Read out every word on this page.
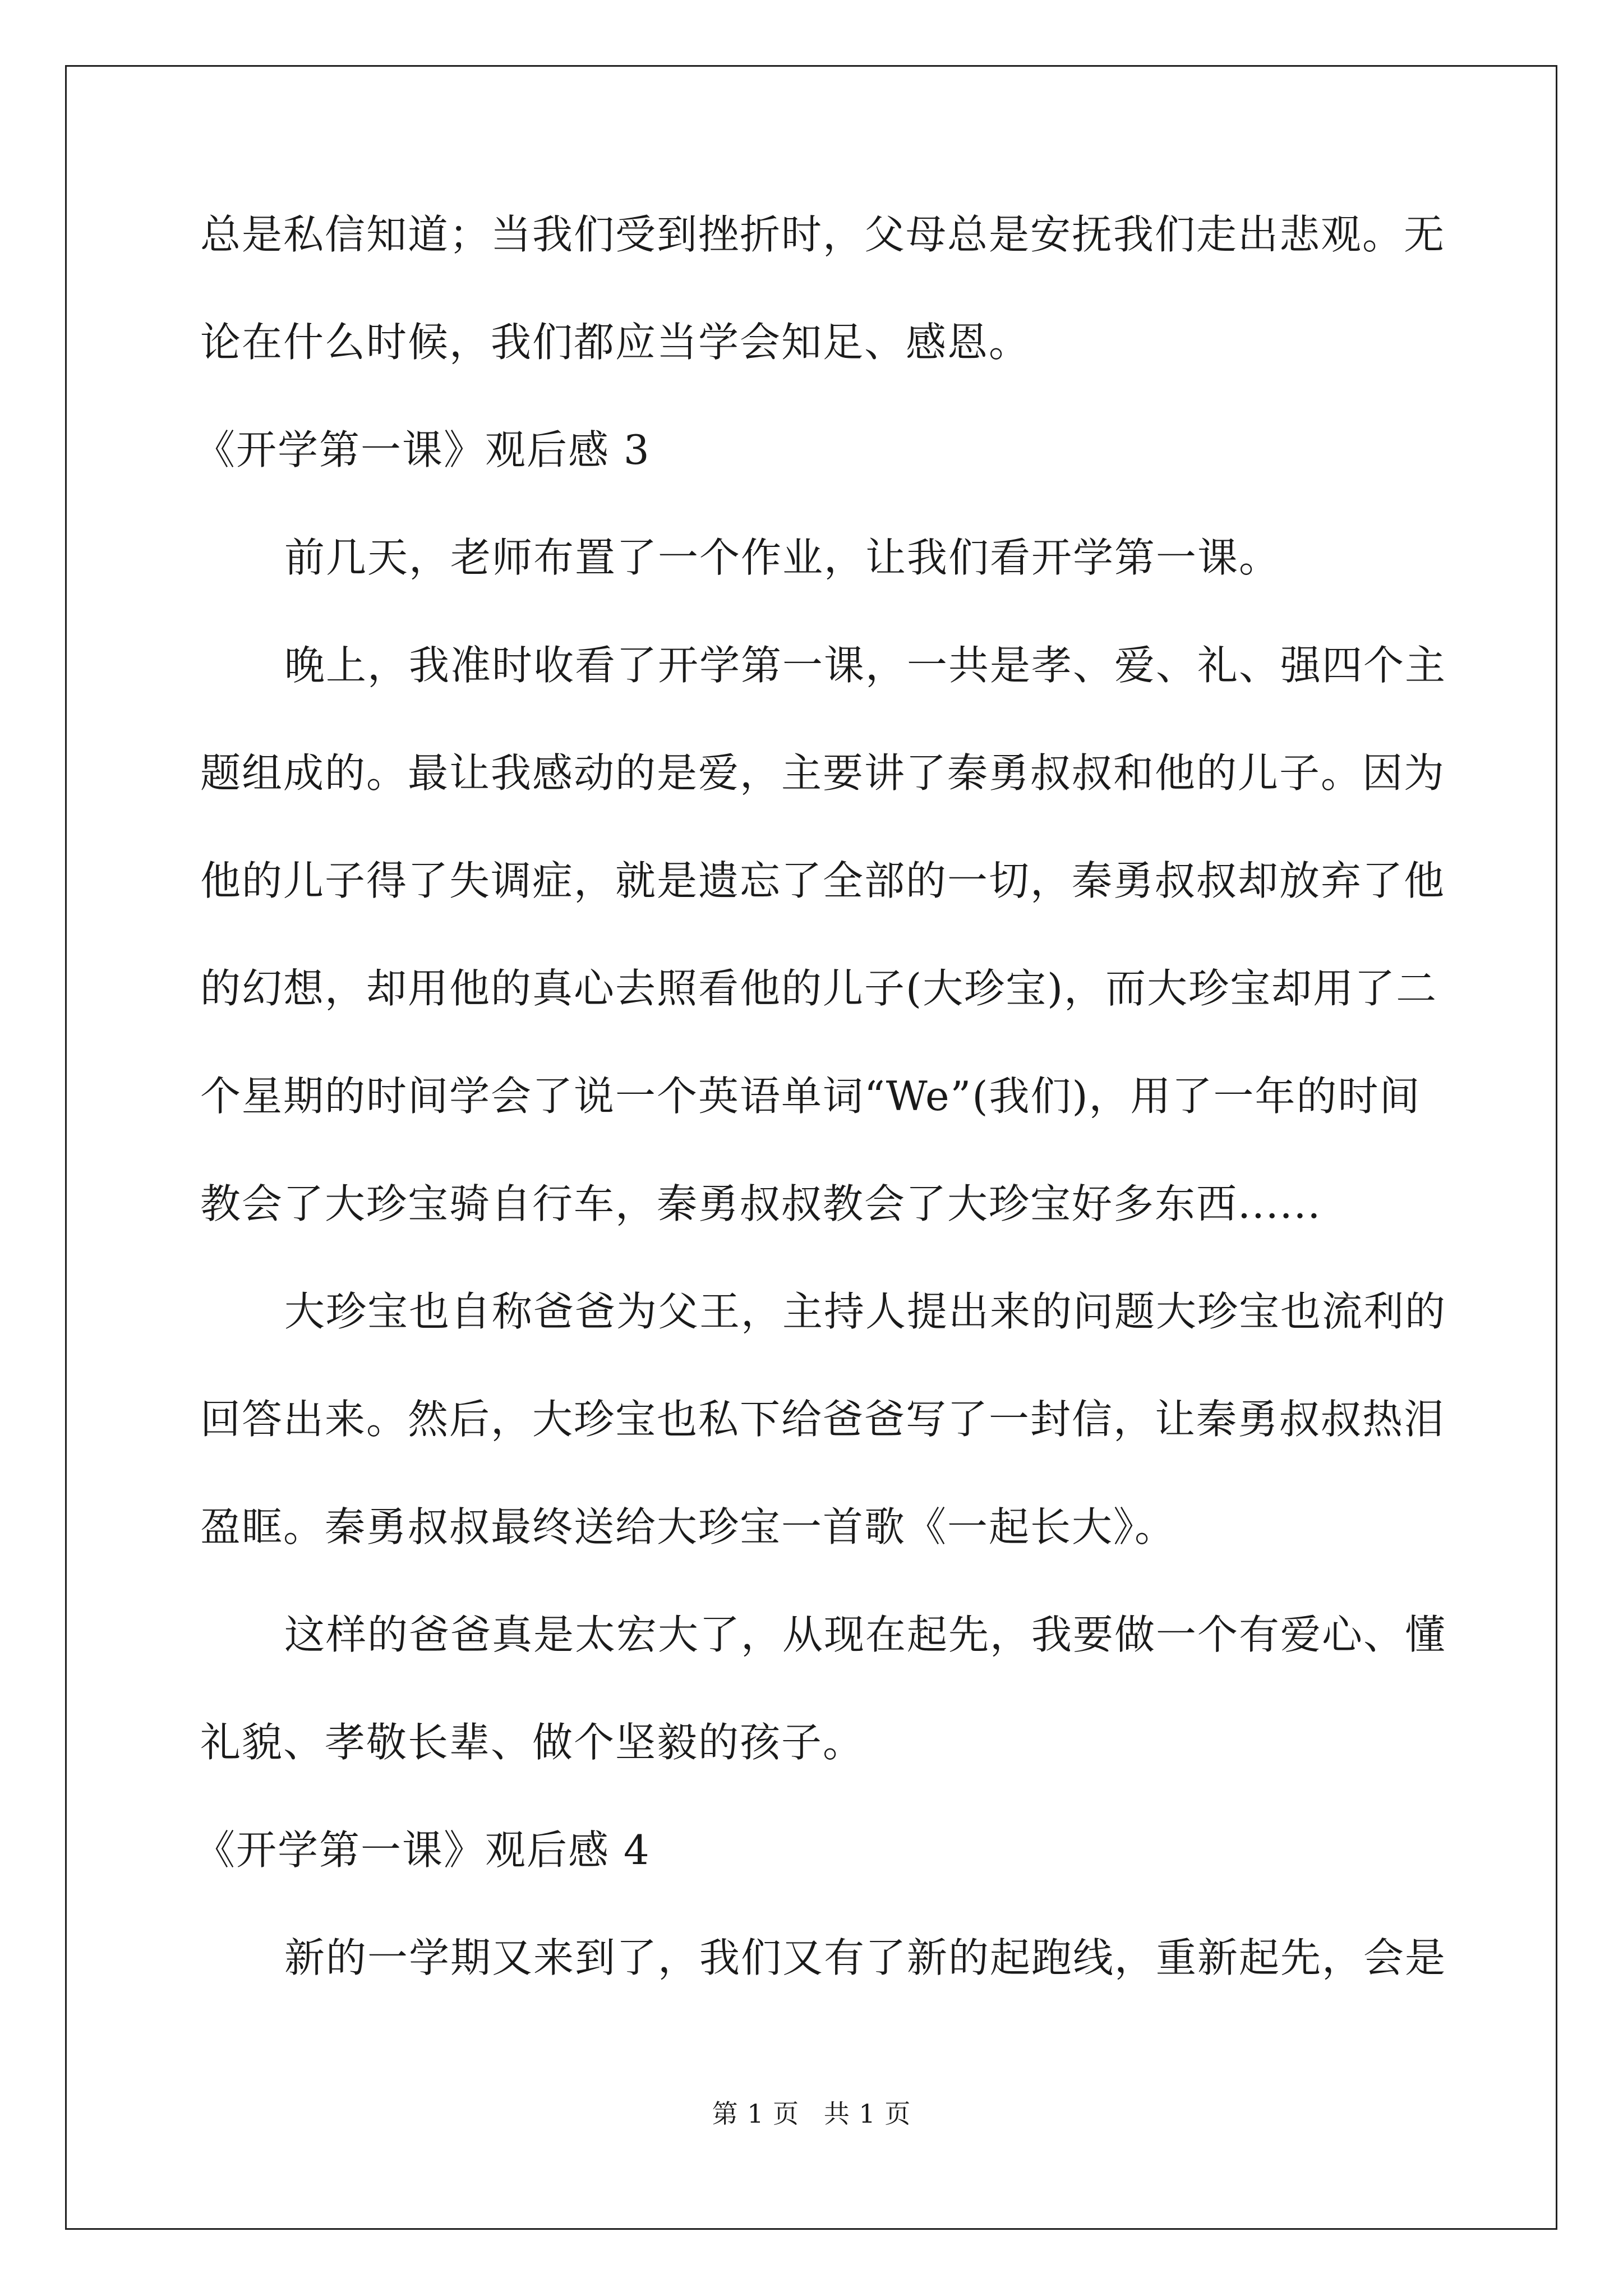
总是私信知道；当我们受到挫折时，父母总是安抚我们走出悲观。无

论在什么时候，我们都应当学会知足、感恩。

《开学第一课》观后感 3

前几天，老师布置了一个作业，让我们看开学第一课。

晚上，我准时收看了开学第一课，一共是孝、爱、礼、强四个主

题组成的。最让我感动的是爱，主要讲了秦勇叔叔和他的儿子。因为

他的儿子得了失调症，就是遗忘了全部的一切，秦勇叔叔却放弃了他

的幻想，却用他的真心去照看他的儿子(大珍宝)，而大珍宝却用了二

个星期的时间学会了说一个英语单词“We”(我们)，用了一年的时间

教会了大珍宝骑自行车，秦勇叔叔教会了大珍宝好多东西......

大珍宝也自称爸爸为父王，主持人提出来的问题大珍宝也流利的

回答出来。然后，大珍宝也私下给爸爸写了一封信，让秦勇叔叔热泪

盈眶。秦勇叔叔最终送给大珍宝一首歌《一起长大》。

这样的爸爸真是太宏大了，从现在起先，我要做一个有爱心、懂

礼貌、孝敬长辈、做个坚毅的孩子。

《开学第一课》观后感 4

新的一学期又来到了，我们又有了新的起跑线，重新起先，会是

第 1 页 共 1 页
